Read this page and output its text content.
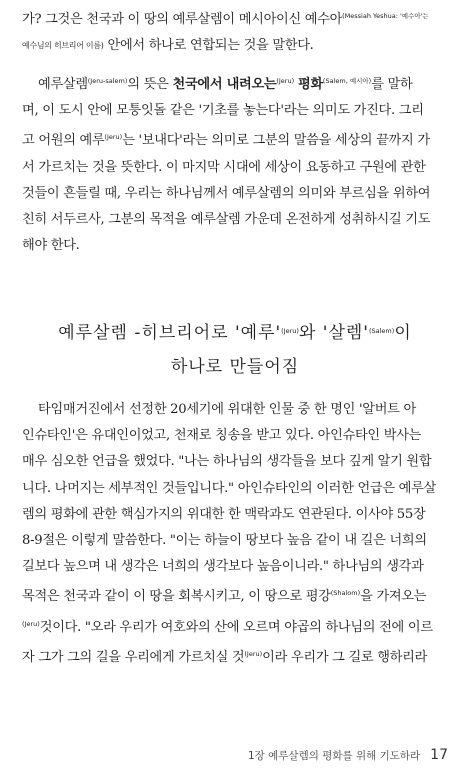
가? 그것은 천국과 이 땅의 예루살렘이 메시아이신 예수아$^{(Messiah Yeshua: '예수아'는}$
예수님의 히브리어 이름) 안에서 하나로 연합되는 것을 말한다.

예루살렘$^{(Jeru-salem)}$의 뜻은 천국에서 내려오는$^{(Jeru)}$ 평화$^{(Salem, 예시아)}$를 말하
며, 이 도시 안에 모퉁잇돌 같은 '기초를 놓는다'라는 의미도 가진다. 그리
고 어원의 예루$^{(Jeru)}$는 '보내다'라는 의미로 그분의 말씀을 세상의 끝까지 가
서 가르치는 것을 뜻한다. 이 마지막 시대에 세상이 요동하고 구원에 관한
것들이 흔들릴 때, 우리는 하나님께서 예루살렘의 의미와 부르심을 위하여
친히 서두르사, 그분의 목적을 예루살렘 가운데 온전하게 성취하시길 기도
해야 한다.

예루살렘 -히브리어로 '예루'$^{(Jeru)}$와 '살렘'$^{(Salem)}$이
하나로 만들어짐

타임매거진에서 선정한 20세기에 위대한 인물 중 한 명인 '알버트 아
인슈타인'은 유대인이었고, 천재로 칭송을 받고 있다. 아인슈타인 박사는
매우 심오한 언급을 했었다. "나는 하나님의 생각들을 보다 깊게 알기 원합
니다. 나머지는 세부적인 것들입니다." 아인슈타인의 이러한 언급은 예루살
렘의 평화에 관한 핵심가지의 위대한 한 맥락과도 연관된다. 이사야 55장
8-9절은 이렇게 말씀한다. "이는 하늘이 땅보다 높음 같이 내 길은 너희의
길보다 높으며 내 생각은 너희의 생각보다 높음이니라." 하나님의 생각과
목적은 천국과 같이 이 땅을 회복시키고, 이 땅으로 평강$^{(Shalom)}$을 가져오는
$^{(Jeru)}$것이다. "오라 우리가 여호와의 산에 오르며 야곱의 하나님의 전에 이르
자 그가 그의 길을 우리에게 가르치실 것$^{(Jeru)}$이라 우리가 그 길로 행하리라

1장 예루살렘의 평화를 위해 기도하라 17
